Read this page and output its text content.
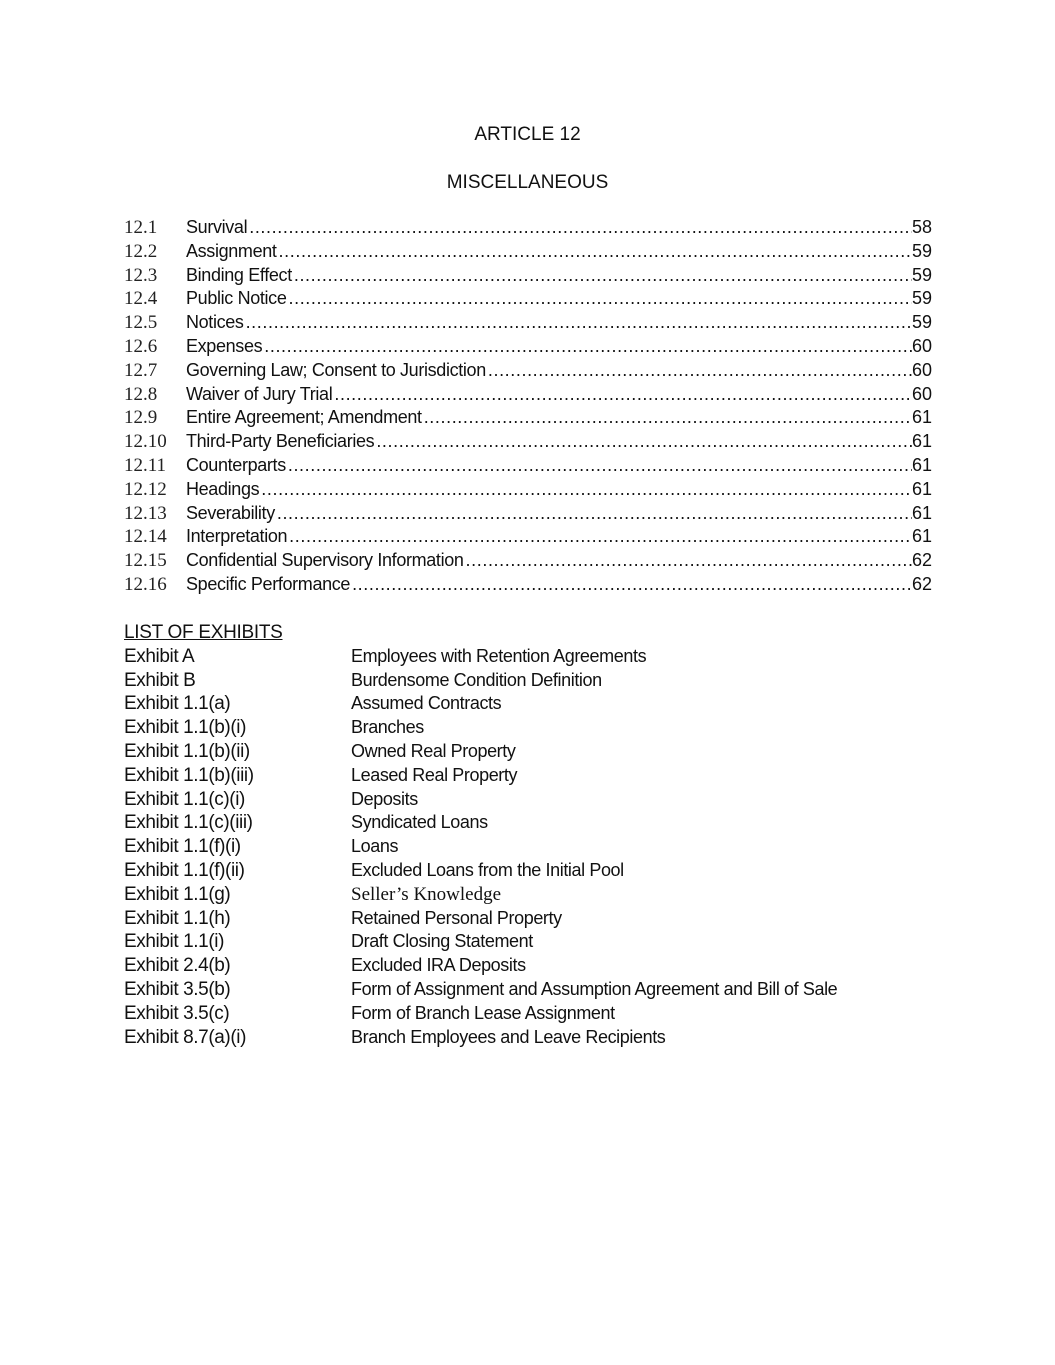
ARTICLE 12
MISCELLANEOUS
12.1	Survival .....	58
12.2	Assignment .....	59
12.3	Binding Effect .....	59
12.4	Public Notice .....	59
12.5	Notices .....	59
12.6	Expenses .....	60
12.7	Governing Law; Consent to Jurisdiction .....	60
12.8	Waiver of Jury Trial .....	60
12.9	Entire Agreement; Amendment .....	61
12.10	Third-Party Beneficiaries .....	61
12.11	Counterparts .....	61
12.12	Headings .....	61
12.13	Severability .....	61
12.14	Interpretation .....	61
12.15	Confidential Supervisory Information .....	62
12.16	Specific Performance .....	62
LIST OF EXHIBITS
Exhibit A	Employees with Retention Agreements
Exhibit B	Burdensome Condition Definition
Exhibit 1.1(a)	Assumed Contracts
Exhibit 1.1(b)(i)	Branches
Exhibit 1.1(b)(ii)	Owned Real Property
Exhibit 1.1(b)(iii)	Leased Real Property
Exhibit 1.1(c)(i)	Deposits
Exhibit 1.1(c)(iii)	Syndicated Loans
Exhibit 1.1(f)(i)	Loans
Exhibit 1.1(f)(ii)	Excluded Loans from the Initial Pool
Exhibit 1.1(g)	Seller’s Knowledge
Exhibit 1.1(h)	Retained Personal Property
Exhibit 1.1(i)	Draft Closing Statement
Exhibit 2.4(b)	Excluded IRA Deposits
Exhibit 3.5(b)	Form of Assignment and Assumption Agreement and Bill of Sale
Exhibit 3.5(c)	Form of Branch Lease Assignment
Exhibit 8.7(a)(i)	Branch Employees and Leave Recipients
